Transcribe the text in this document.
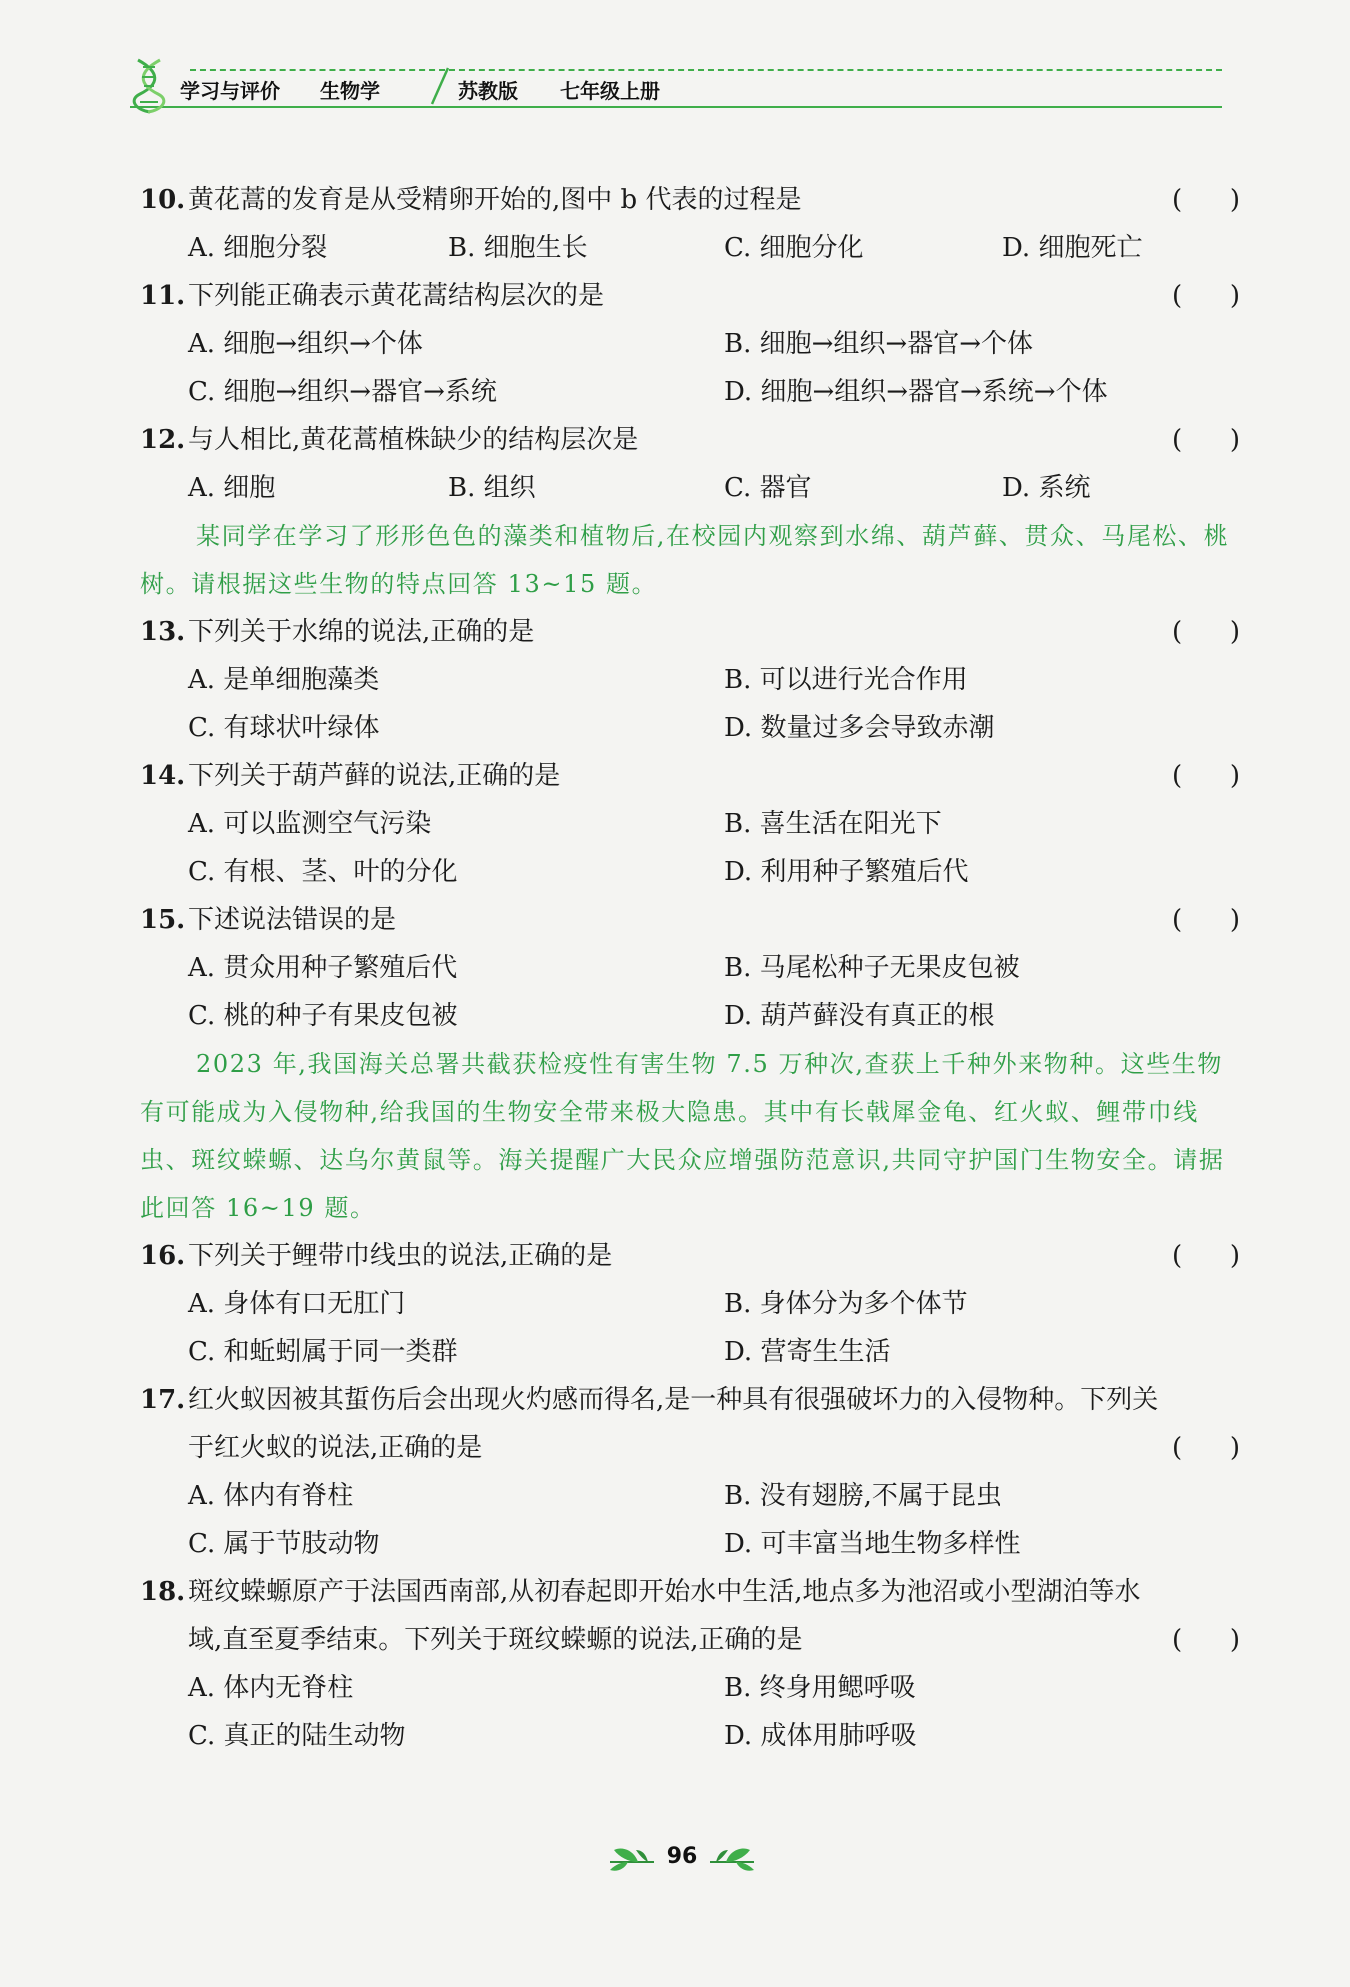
学习与评价 生物学	苏教版 七年级上册
10. 黄花蒿的发育是从受精卵开始的,图中 b 代表的过程是	( )
A. 细胞分裂	B. 细胞生长	C. 细胞分化	D. 细胞死亡
11. 下列能正确表示黄花蒿结构层次的是	( )
A. 细胞→组织→个体	B. 细胞→组织→器官→个体
C. 细胞→组织→器官→系统	D. 细胞→组织→器官→系统→个体
12. 与人相比,黄花蒿植株缺少的结构层次是	( )
A. 细胞	B. 组织	C. 器官	D. 系统
某同学在学习了形形色色的藻类和植物后,在校园内观察到水绵、葫芦藓、贯众、马尾松、桃树。请根据这些生物的特点回答 13~15 题。
13. 下列关于水绵的说法,正确的是	( )
A. 是单细胞藻类	B. 可以进行光合作用
C. 有球状叶绿体	D. 数量过多会导致赤潮
14. 下列关于葫芦藓的说法,正确的是	( )
A. 可以监测空气污染	B. 喜生活在阳光下
C. 有根、茎、叶的分化	D. 利用种子繁殖后代
15. 下述说法错误的是	( )
A. 贯众用种子繁殖后代	B. 马尾松种子无果皮包被
C. 桃的种子有果皮包被	D. 葫芦藓没有真正的根
2023 年,我国海关总署共截获检疫性有害生物 7.5 万种次,查获上千种外来物种。这些生物有可能成为入侵物种,给我国的生物安全带来极大隐患。其中有长戟犀金龟、红火蚁、鲤带巾线虫、斑纹蝾螈、达乌尔黄鼠等。海关提醒广大民众应增强防范意识,共同守护国门生物安全。请据此回答 16~19 题。
16. 下列关于鲤带巾线虫的说法,正确的是	( )
A. 身体有口无肛门	B. 身体分为多个体节
C. 和蚯蚓属于同一类群	D. 营寄生生活
17. 红火蚁因被其蜇伤后会出现火灼感而得名,是一种具有很强破坏力的入侵物种。下列关
于红火蚁的说法,正确的是	( )
A. 体内有脊柱	B. 没有翅膀,不属于昆虫
C. 属于节肢动物	D. 可丰富当地生物多样性
18. 斑纹蝾螈原产于法国西南部,从初春起即开始水中生活,地点多为池沼或小型湖泊等水
域,直至夏季结束。下列关于斑纹蝾螈的说法,正确的是	( )
A. 体内无脊柱	B. 终身用鳃呼吸
C. 真正的陆生动物	D. 成体用肺呼吸
96
